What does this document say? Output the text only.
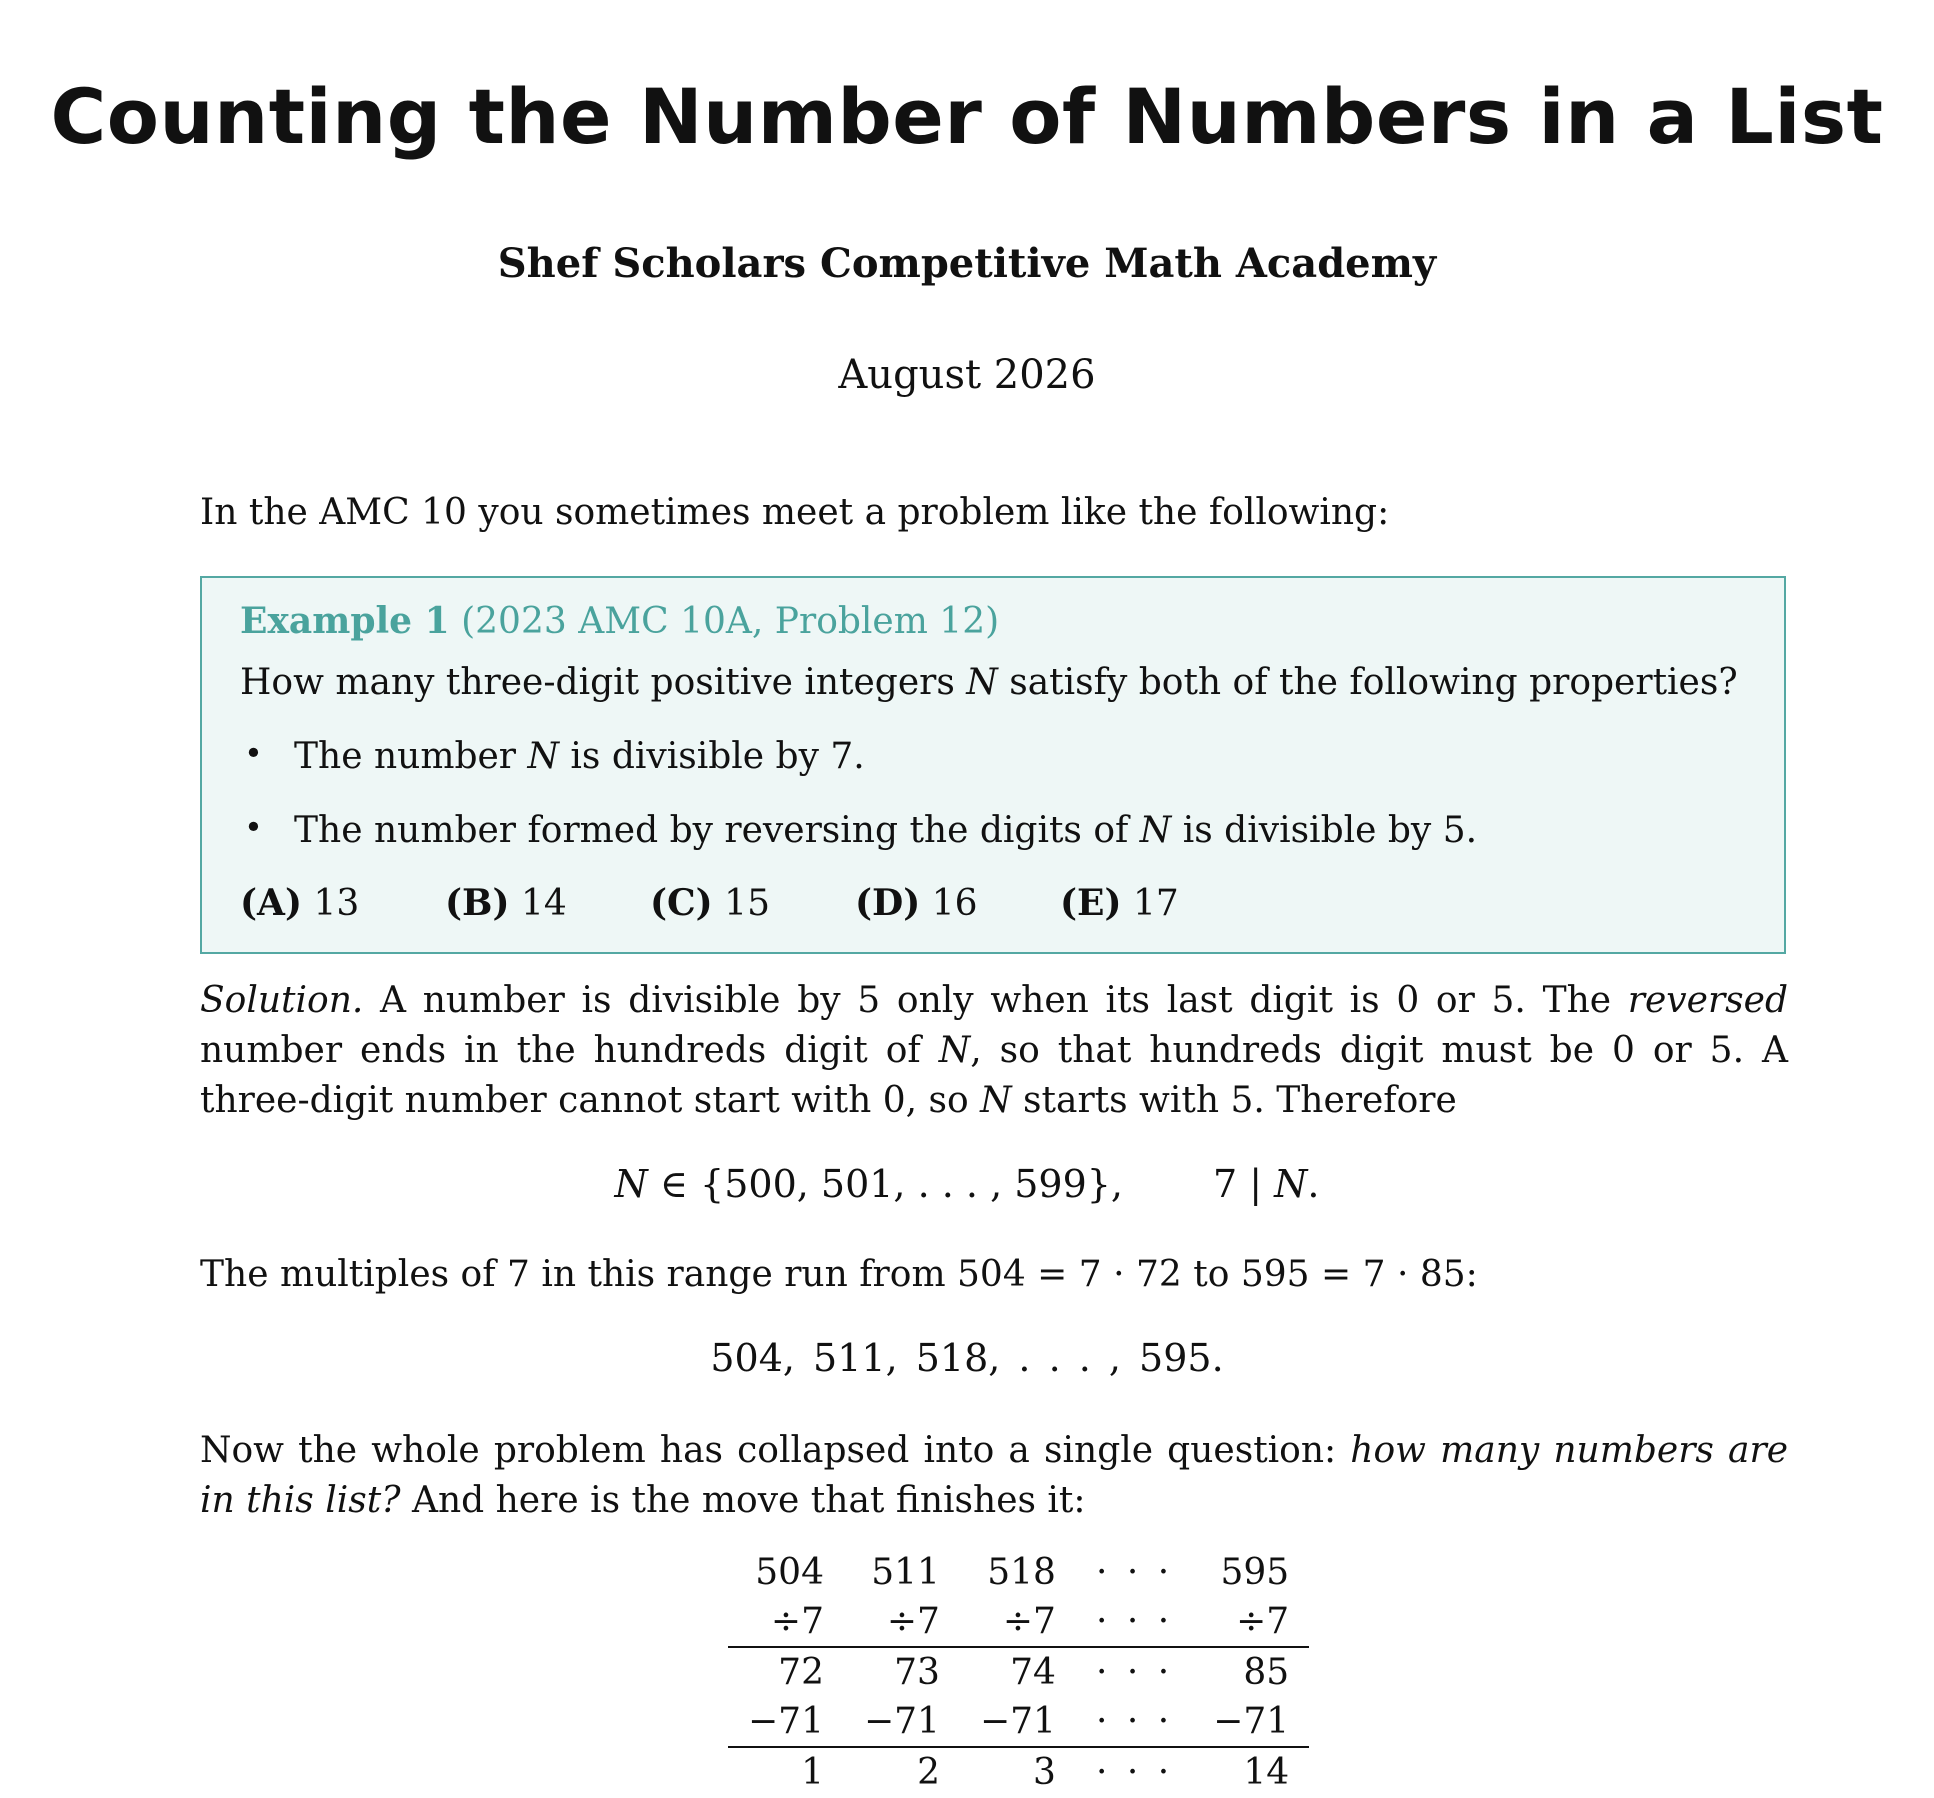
Counting the Number of Numbers in a List
Shef Scholars Competitive Math Academy
August 2026

In the AMC 10 you sometimes meet a problem like the following:

Example 1 (2023 AMC 10A, Problem 12)
How many three-digit positive integers N satisfy both of the following properties?
• The number N is divisible by 7.
• The number formed by reversing the digits of N is divisible by 5.
(A) 13	(B) 14	(C) 15	(D) 16	(E) 17

Solution. A number is divisible by 5 only when its last digit is 0 or 5. The reversed number ends in the hundreds digit of N, so that hundreds digit must be 0 or 5. A three-digit number cannot start with 0, so N starts with 5. Therefore

N ∈ {500, 501, . . . , 599}, 7 | N.

The multiples of 7 in this range run from 504 = 7 · 72 to 595 = 7 · 85:

504, 511, 518, . . . , 595.

Now the whole problem has collapsed into a single question: how many numbers are in this list? And here is the move that finishes it:

504	511	518	· · ·	595
÷7	÷7	÷7	· · ·	÷7
72	73	74	· · ·	85
−71	−71	−71	· · ·	−71
1	2	3	· · ·	14
